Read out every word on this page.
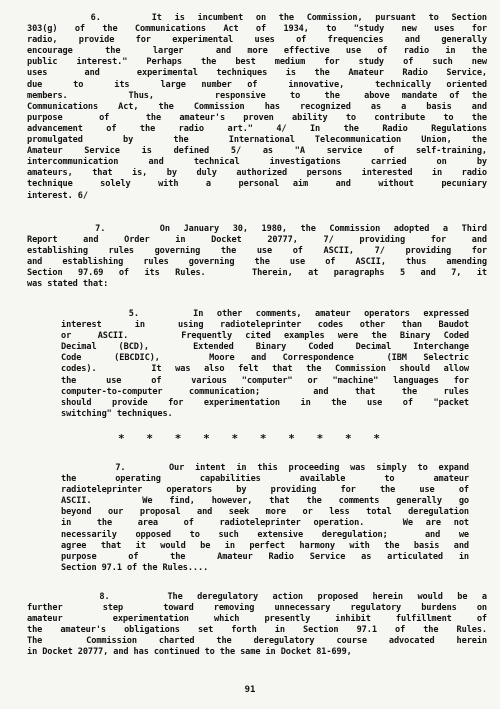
6.    It is incumbent on the Commission, pursuant to Section
303(g) of the Communications Act of 1934, to "study new uses for
radio, provide for experimental uses of frequencies and generally
encourage  the  larger  and more effective use of radio in the
public interest." Perhaps the best medium for study of such new
uses  and  experimental techniques is the Amateur Radio Service,
due  to  its  large number of  innovative,  technically oriented
members.     Thus,     responsive  to  the  above mandate of the
Communications Act, the Commission has recognized as a basis and
purpose  of  the amateur's proven ability to contribute to the
advancement of the radio art." 4/ In the Radio Regulations
promulgated  by  the  International Telecommunication Union, the
Amateur Service is defined 5/ as "A service of self-training,
intercommunication and technical investigations carried on by
amateurs, that is, by duly authorized persons interested in radio
technique  solely  with  a  personal aim  and  without  pecuniary
interest. 6/
7.    On January 30, 1980, the Commission adopted a Third
Report and Order in Docket 20777, 7/ providing for and
establishing rules governing the use of ASCII, 7/ providing for
and establishing rules governing the use of ASCII, thus amending
Section 97.69 of its Rules.   Therein, at paragraphs 5 and 7, it
was stated that:
5.    In other comments, amateur operators expressed
interest  in  using radioteleprinter codes other than Baudot
or  ASCII.    Frequently cited examples were the Binary Coded
Decimal (BCD),  Extended Binary Coded Decimal Interchange
Code  (EBCDIC),   Moore and Correspondence  (IBM Selectric
codes).    It was also felt that the Commission should allow
the  use  of  various "computer" or "machine" languages for
computer-to-computer communication;  and that the rules
should provide for experimentation in the use of "packet
switching" techniques.
* * * * * * * * * *
7.    Our intent in this proceeding was simply to expand
the      operating      capabilities      available      to      amateur
radioteleprinter operators by providing for the use of
ASCII.   We find, however, that the comments generally go
beyond our proposal and seek more or less total deregulation
in  the  area  of  radioteleprinter operation.   We are not
necessarily opposed to such extensive deregulation;  and we
agree that it would be in perfect harmony with the basis and
purpose  of  the  Amateur Radio Service as articulated in
Section 97.1 of the Rules....
8.    The deregulatory action proposed herein would be a
further  step  toward removing unnecessary regulatory burdens on
amateur  experimentation which presently inhibit fulfillment of
the amateur's obligations set forth in Section 97.1 of the Rules.
The  Commission charted the deregulatory course advocated herein
in Docket 20777, and has continued to the same in Docket 81-699,
91
